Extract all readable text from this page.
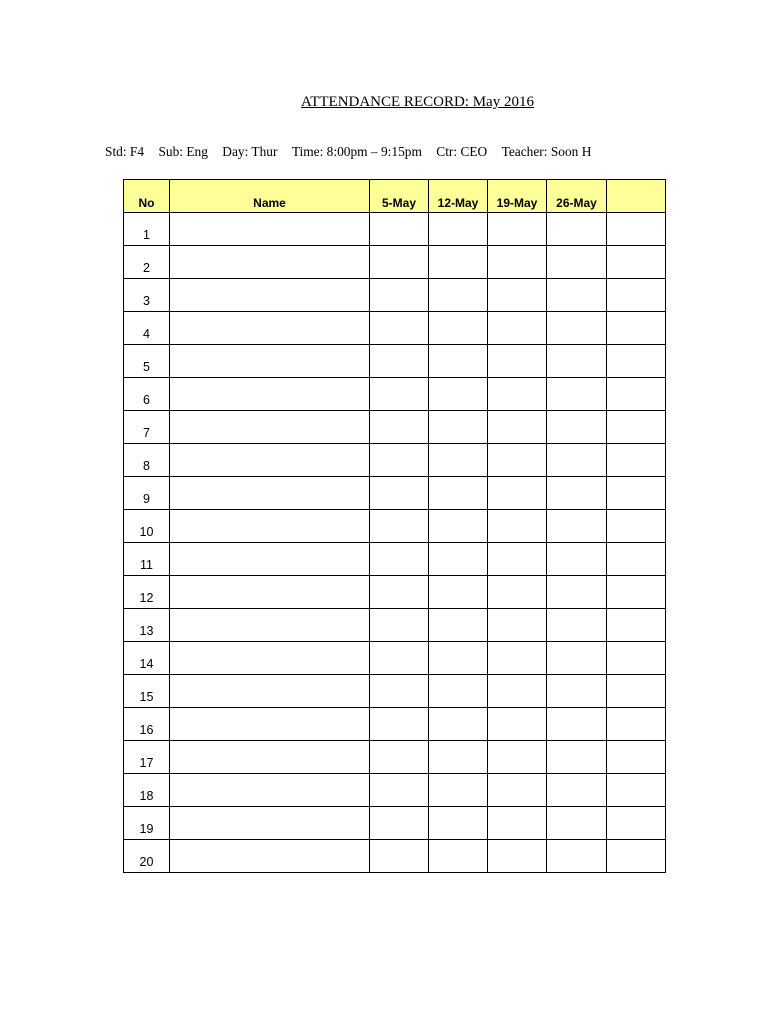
ATTENDANCE RECORD: May 2016
Std: F4 Sub: Eng Day: Thur Time: 8:00pm – 9:15pm Ctr: CEO Teacher: Soon H
No	Name	5-May	12-May	19-May	26-May	
1						
2						
3						
4						
5						
6						
7						
8						
9						
10						
11						
12						
13						
14						
15						
16						
17						
18						
19						
20						
